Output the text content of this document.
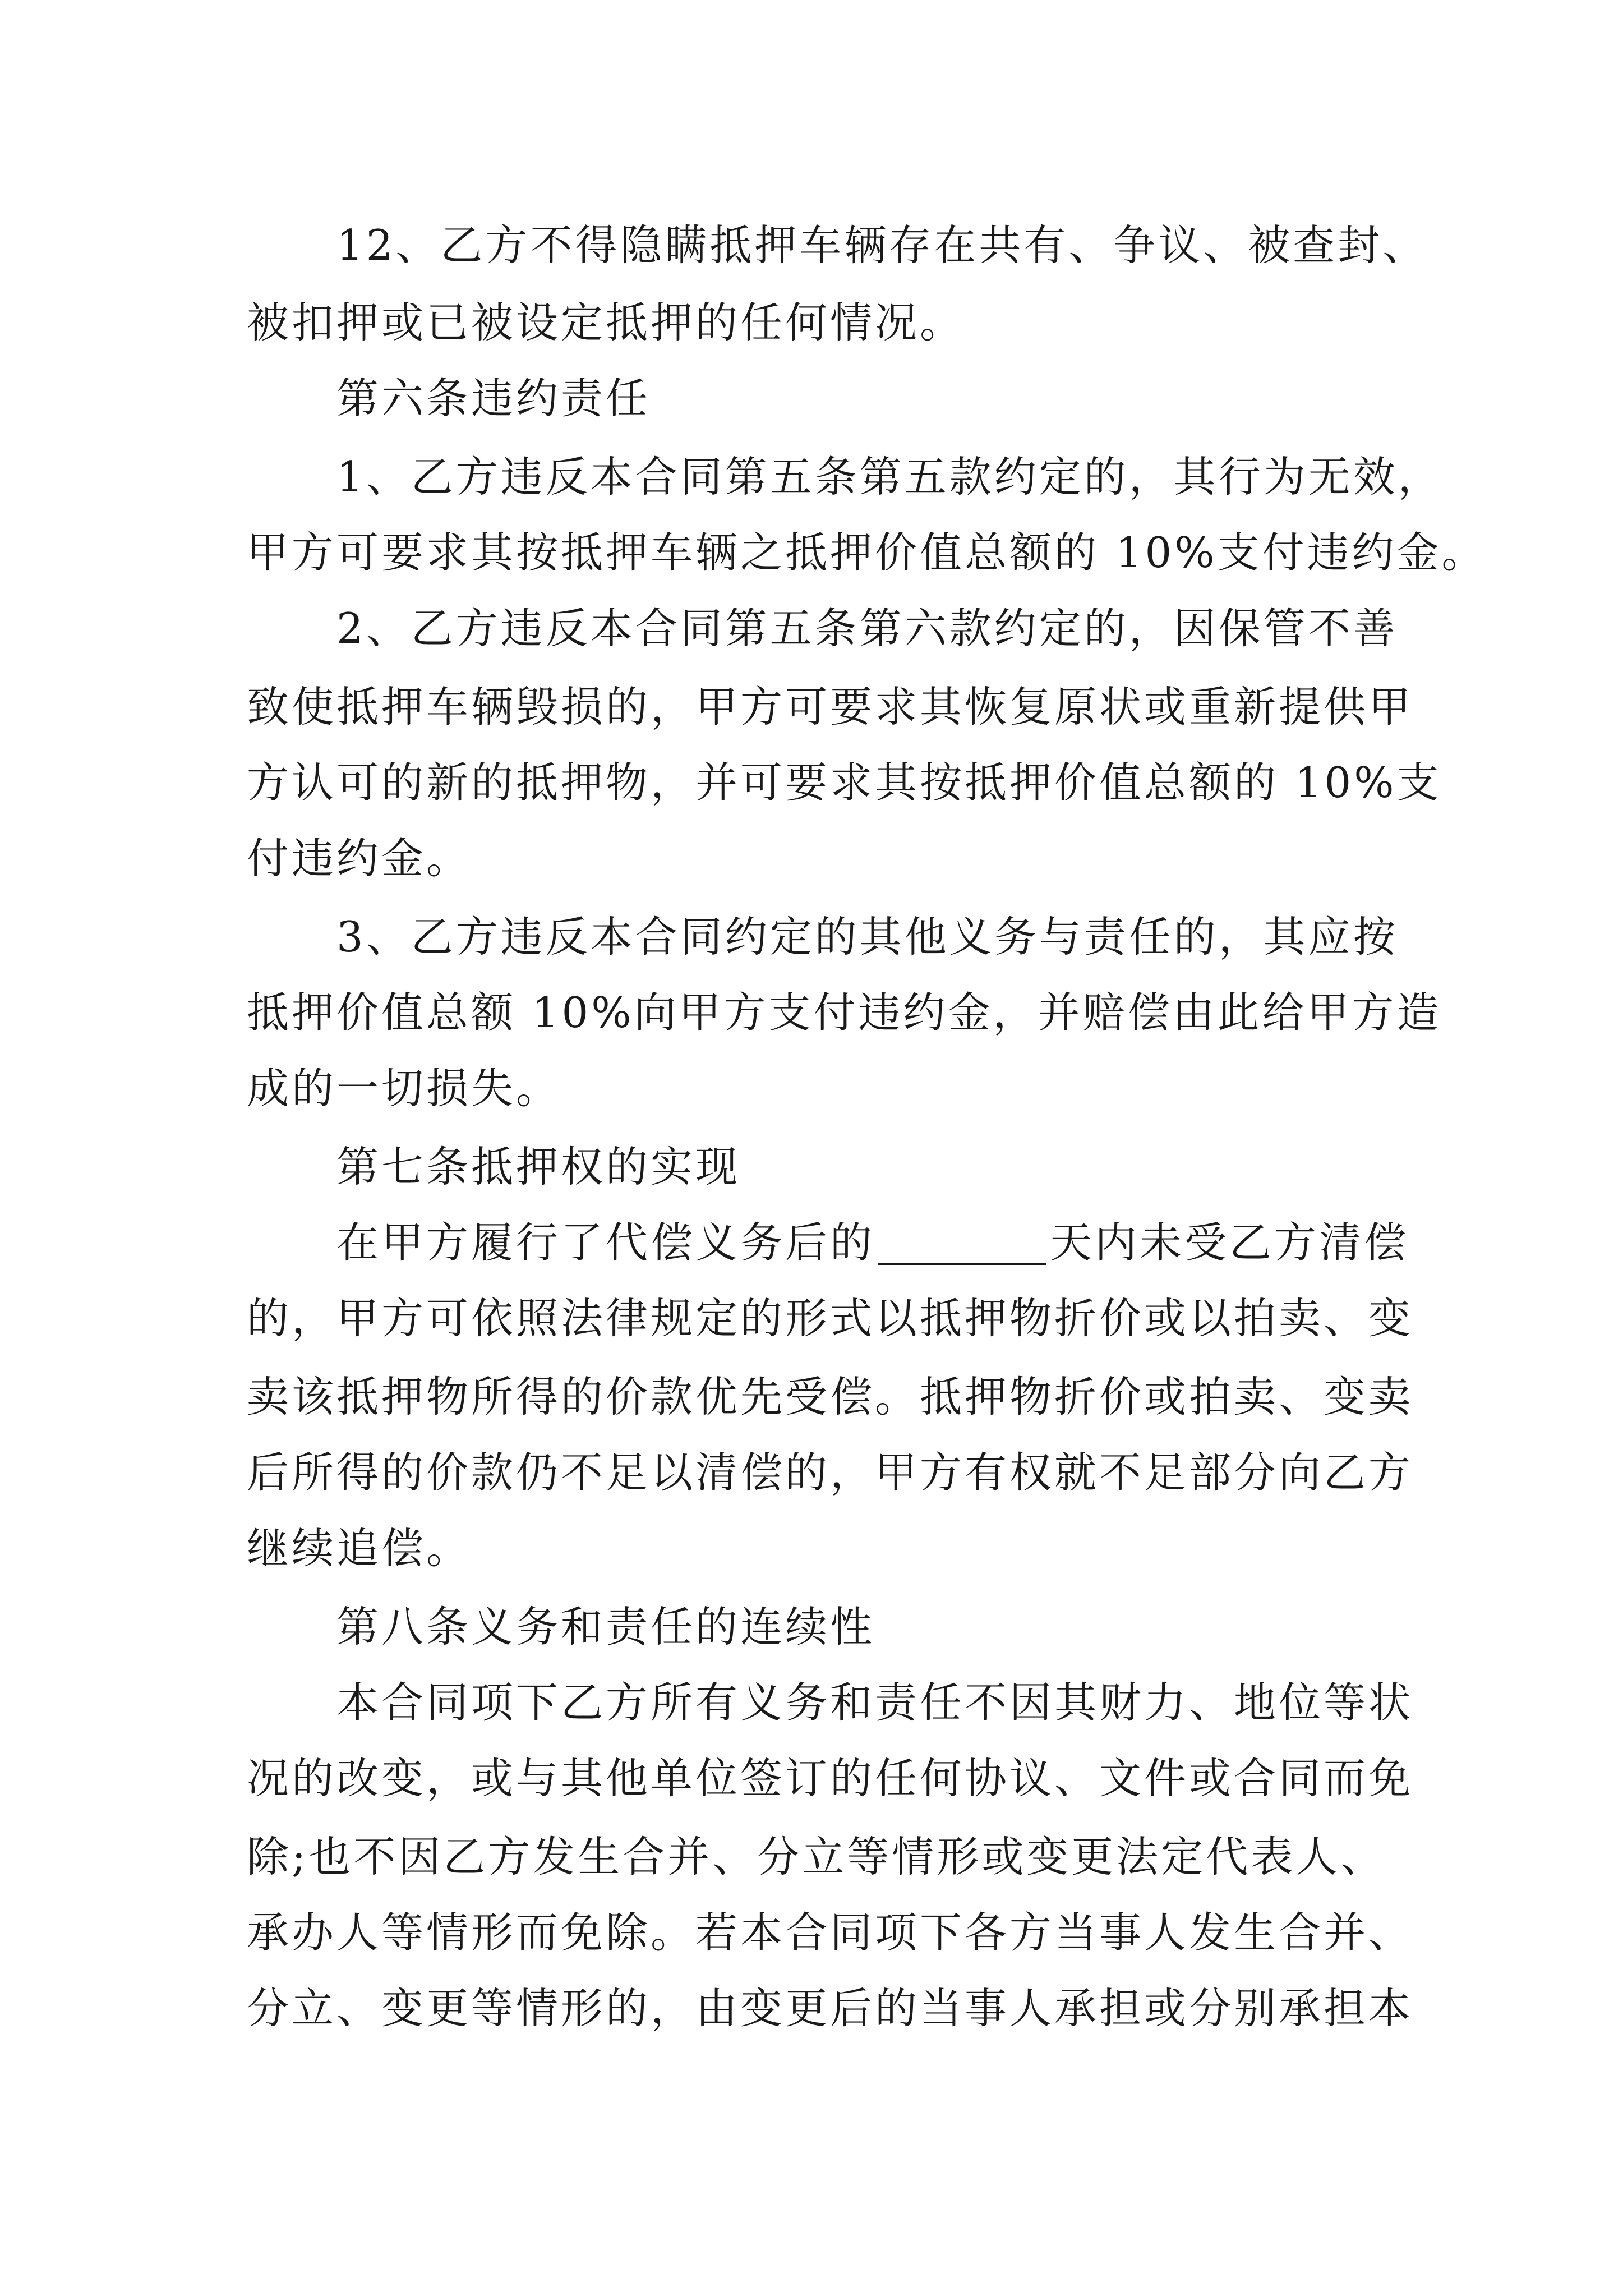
12、乙方不得隐瞒抵押车辆存在共有、争议、被查封、
被扣押或已被设定抵押的任何情况。
第六条违约责任
1、乙方违反本合同第五条第五款约定的，其行为无效，
甲方可要求其按抵押车辆之抵押价值总额的 10%支付违约金。
2、乙方违反本合同第五条第六款约定的，因保管不善
致使抵押车辆毁损的，甲方可要求其恢复原状或重新提供甲
方认可的新的抵押物，并可要求其按抵押价值总额的 10%支
付违约金。
3、乙方违反本合同约定的其他义务与责任的，其应按
抵押价值总额 10%向甲方支付违约金，并赔偿由此给甲方造
成的一切损失。
第七条抵押权的实现
在甲方履行了代偿义务后的	天内未受乙方清偿
的，甲方可依照法律规定的形式以抵押物折价或以拍卖、变
卖该抵押物所得的价款优先受偿。抵押物折价或拍卖、变卖
后所得的价款仍不足以清偿的，甲方有权就不足部分向乙方
继续追偿。
第八条义务和责任的连续性
本合同项下乙方所有义务和责任不因其财力、地位等状
况的改变，或与其他单位签订的任何协议、文件或合同而免
除;也不因乙方发生合并、分立等情形或变更法定代表人、
承办人等情形而免除。若本合同项下各方当事人发生合并、
分立、变更等情形的，由变更后的当事人承担或分别承担本
